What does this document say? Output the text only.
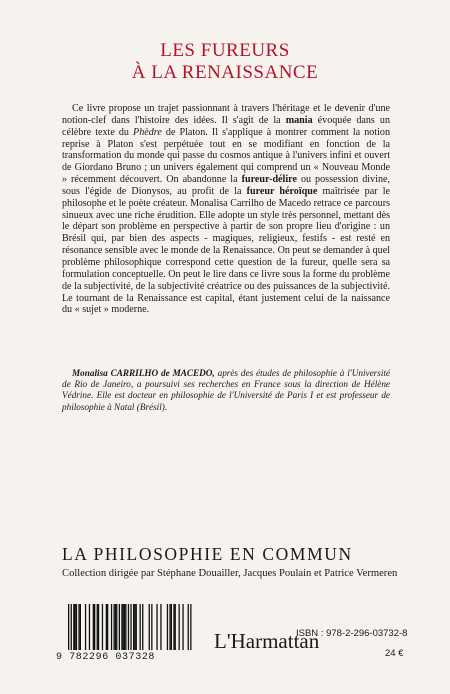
LES FUREURS
À LA RENAISSANCE
Ce livre propose un trajet passionnant à travers l'héritage et le devenir d'une notion-clef dans l'histoire des idées. Il s'agit de la mania évoquée dans un célèbre texte du Phèdre de Platon. Il s'applique à montrer comment la notion reprise à Platon s'est perpétuée tout en se modifiant en fonction de la transformation du monde qui passe du cosmos antique à l'univers infini et ouvert de Giordano Bruno ; un univers également qui comprend un « Nouveau Monde » récemment découvert. On abandonne la fureur-délire ou possession divine, sous l'égide de Dionysos, au profit de la fureur héroïque maîtrisée par le philosophe et le poète créateur. Monalisa Carrilho de Macedo retrace ce parcours sinueux avec une riche érudition. Elle adopte un style très personnel, mettant dès le départ son problème en perspective à partir de son propre lieu d'origine : un Brésil qui, par bien des aspects - magiques, religieux, festifs - est resté en résonance sensible avec le monde de la Renaissance. On peut se demander à quel problème philosophique correspond cette question de la fureur, quelle sera sa formulation conceptuelle. On peut le lire dans ce livre sous la forme du problème de la subjectivité, de la subjectivité créatrice ou des puissances de la subjectivité. Le tournant de la Renaissance est capital, étant justement celui de la naissance du « sujet » moderne.
Monalisa CARRILHO de MACEDO, après des études de philosophie à l'Université de Rio de Janeiro, a poursuivi ses recherches en France sous la direction de Hélène Védrine. Elle est docteur en philosophie de l'Université de Paris I et est professeur de philosophie à Natal (Brésil).
LA PHILOSOPHIE EN COMMUN
Collection dirigée par Stéphane Douailler, Jacques Poulain et Patrice Vermeren
9 782296 037328
L'Harmattan
ISBN : 978-2-296-03732-8
24 €
